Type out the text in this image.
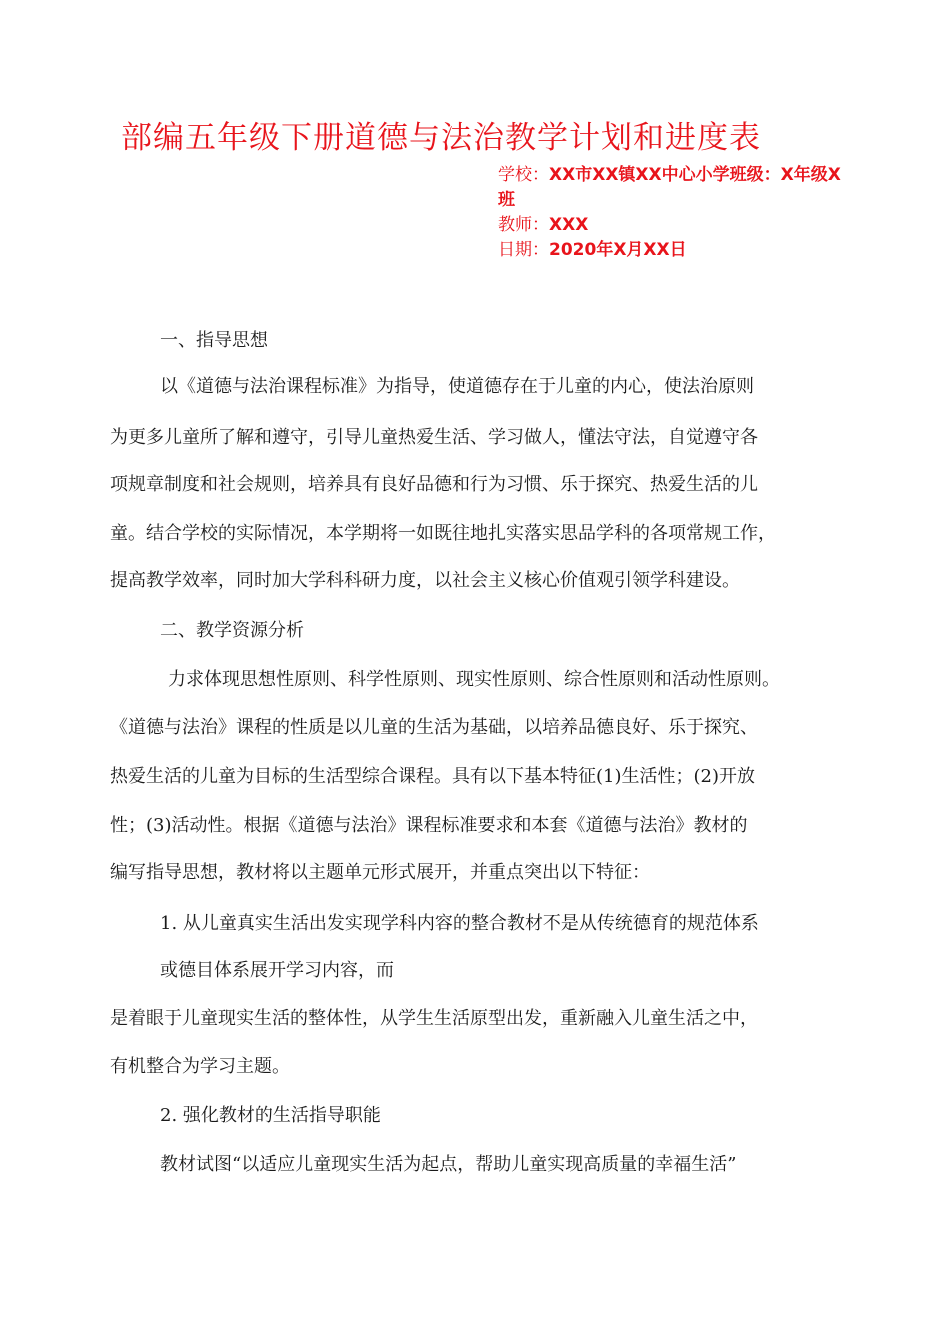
部编五年级下册道德与法治教学计划和进度表
学校：XX市XX镇XX中心小学班级：X年级X班
教师：XXX
日期：2020年X月XX日
一、指导思想
以《道德与法治课程标准》为指导，使道德存在于儿童的内心，使法治原则
为更多儿童所了解和遵守，引导儿童热爱生活、学习做人，懂法守法，自觉遵守各
项规章制度和社会规则，培养具有良好品德和行为习惯、乐于探究、热爱生活的儿
童。结合学校的实际情况，本学期将一如既往地扎实落实思品学科的各项常规工作，
提高教学效率，同时加大学科科研力度，以社会主义核心价值观引领学科建设。
二、教学资源分析
力求体现思想性原则、科学性原则、现实性原则、综合性原则和活动性原则。
《道德与法治》课程的性质是以儿童的生活为基础，以培养品德良好、乐于探究、
热爱生活的儿童为目标的生活型综合课程。具有以下基本特征(1)生活性；(2)开放
性；(3)活动性。根据《道德与法治》课程标准要求和本套《道德与法治》教材的
编写指导思想，教材将以主题单元形式展开，并重点突出以下特征：
1. 从儿童真实生活出发实现学科内容的整合教材不是从传统德育的规范体系
或德目体系展开学习内容，而
是着眼于儿童现实生活的整体性，从学生生活原型出发，重新融入儿童生活之中，
有机整合为学习主题。
2. 强化教材的生活指导职能
教材试图“以适应儿童现实生活为起点，帮助儿童实现高质量的幸福生活”
